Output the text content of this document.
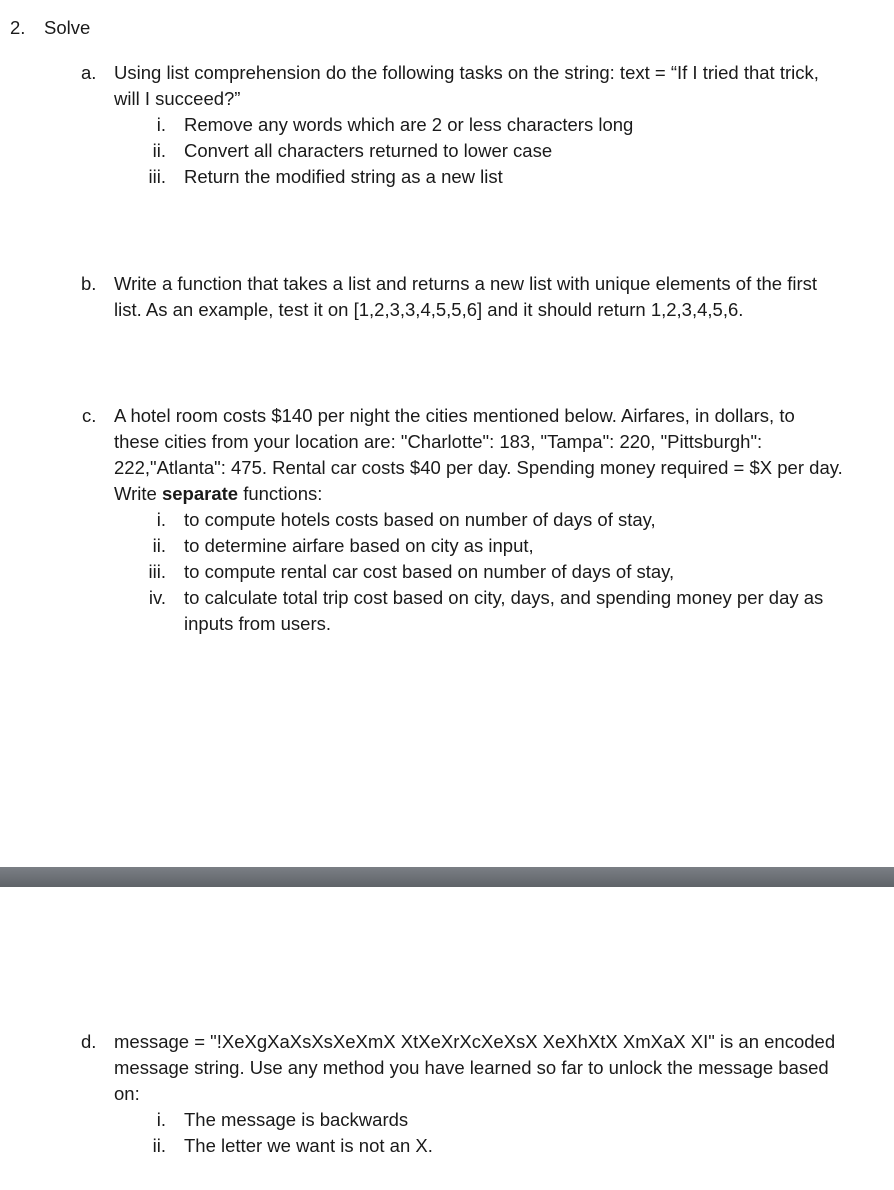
2. Solve
a. Using list comprehension do the following tasks on the string: text = “If I tried that trick,
will I succeed?”
i. Remove any words which are 2 or less characters long
ii. Convert all characters returned to lower case
iii. Return the modified string as a new list
b. Write a function that takes a list and returns a new list with unique elements of the first
list. As an example, test it on [1,2,3,3,4,5,5,6] and it should return 1,2,3,4,5,6.
c. A hotel room costs $140 per night the cities mentioned below. Airfares, in dollars, to
these cities from your location are: "Charlotte": 183, "Tampa": 220, "Pittsburgh":
222,"Atlanta": 475. Rental car costs $40 per day. Spending money required = $X per day.
Write separate functions:
i. to compute hotels costs based on number of days of stay,
ii. to determine airfare based on city as input,
iii. to compute rental car cost based on number of days of stay,
iv. to calculate total trip cost based on city, days, and spending money per day as
inputs from users.
d. message = "!XeXgXaXsXsXeXmX XtXeXrXcXeXsX XeXhXtX XmXaX XI" is an encoded
message string. Use any method you have learned so far to unlock the message based
on:
i. The message is backwards
ii. The letter we want is not an X.
